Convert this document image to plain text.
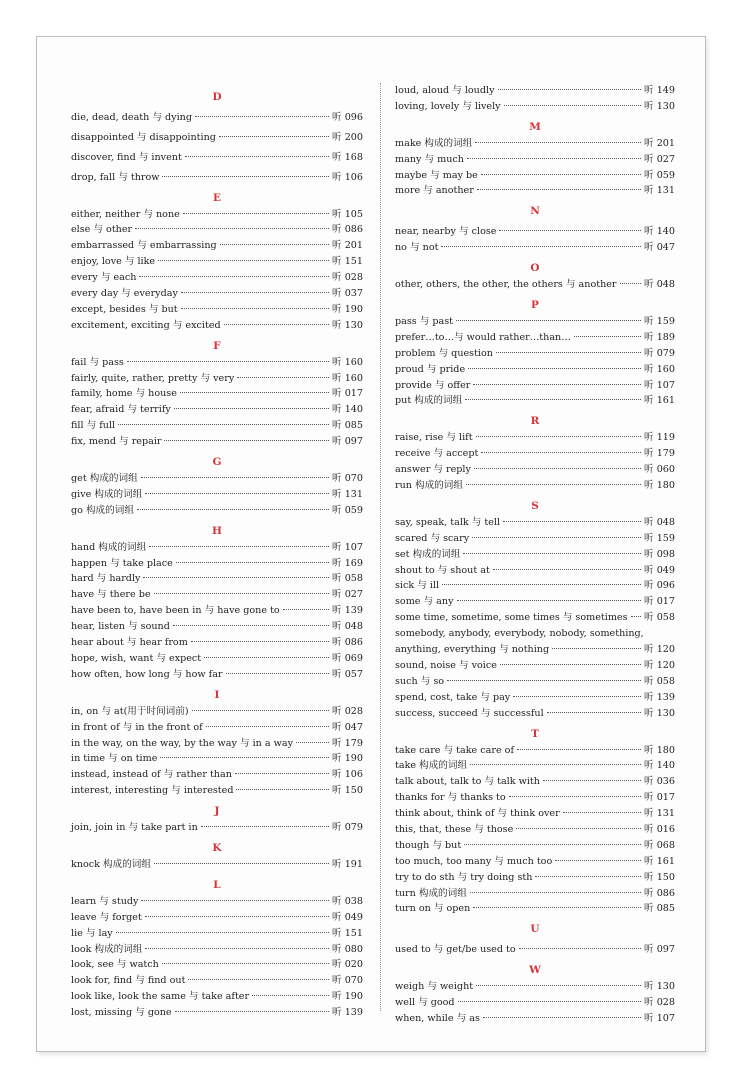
D
die, dead, death 与 dying	听 096
disappointed 与 disappointing	听 200
discover, find 与 invent	听 168
drop, fall 与 throw	听 106
E
either, neither 与 none	听 105
else 与 other	听 086
embarrassed 与 embarrassing	听 201
enjoy, love 与 like	听 151
every 与 each	听 028
every day 与 everyday	听 037
except, besides 与 but	听 190
excitement, exciting 与 excited	听 130
F
fail 与 pass	听 160
fairly, quite, rather, pretty 与 very	听 160
family, home 与 house	听 017
fear, afraid 与 terrify	听 140
fill 与 full	听 085
fix, mend 与 repair	听 097
G
get 构成的词组	听 070
give 构成的词组	听 131
go 构成的词组	听 059
H
hand 构成的词组	听 107
happen 与 take place	听 169
hard 与 hardly	听 058
have 与 there be	听 027
have been to, have been in 与 have gone to	听 139
hear, listen 与 sound	听 048
hear about 与 hear from	听 086
hope, wish, want 与 expect	听 069
how often, how long 与 how far	听 057
I
in, on 与 at(用于时间词前)	听 028
in front of 与 in the front of	听 047
in the way, on the way, by the way 与 in a way	听 179
in time 与 on time	听 190
instead, instead of 与 rather than	听 106
interest, interesting 与 interested	听 150
J
join, join in 与 take part in	听 079
K
knock 构成的词组	听 191
L
learn 与 study	听 038
leave 与 forget	听 049
lie 与 lay	听 151
look 构成的词组	听 080
look, see 与 watch	听 020
look for, find 与 find out	听 070
look like, look the same 与 take after	听 190
lost, missing 与 gone	听 139
loud, aloud 与 loudly	听 149
loving, lovely 与 lively	听 130
M
make 构成的词组	听 201
many 与 much	听 027
maybe 与 may be	听 059
more 与 another	听 131
N
near, nearby 与 close	听 140
no 与 not	听 047
O
other, others, the other, the others 与 another	听 048
P
pass 与 past	听 159
prefer…to…与 would rather…than…	听 189
problem 与 question	听 079
proud 与 pride	听 160
provide 与 offer	听 107
put 构成的词组	听 161
R
raise, rise 与 lift	听 119
receive 与 accept	听 179
answer 与 reply	听 060
run 构成的词组	听 180
S
say, speak, talk 与 tell	听 048
scared 与 scary	听 159
set 构成的词组	听 098
shout to 与 shout at	听 049
sick 与 ill	听 096
some 与 any	听 017
some time, sometime, some times 与 sometimes 听 058
somebody, anybody, everybody, nobody, something,
anything, everything 与 nothing	听 120
sound, noise 与 voice	听 120
such 与 so	听 058
spend, cost, take 与 pay	听 139
success, succeed 与 successful	听 130
T
take care 与 take care of	听 180
take 构成的词组	听 140
talk about, talk to 与 talk with	听 036
thanks for 与 thanks to	听 017
think about, think of 与 think over	听 131
this, that, these 与 those	听 016
though 与 but	听 068
too much, too many 与 much too	听 161
try to do sth 与 try doing sth	听 150
turn 构成的词组	听 086
turn on 与 open	听 085
U
used to 与 get/be used to	听 097
W
weigh 与 weight	听 130
well 与 good	听 028
when, while 与 as	听 107
